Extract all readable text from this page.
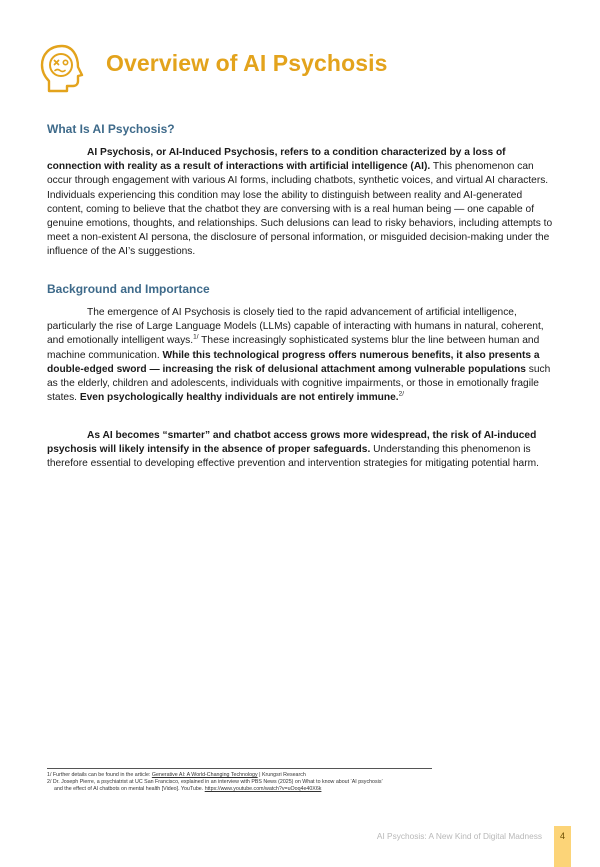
Overview of AI Psychosis
What Is AI Psychosis?

AI Psychosis, or AI-Induced Psychosis, refers to a condition characterized by a loss of connection with reality as a result of interactions with artificial intelligence (AI). This phenomenon can occur through engagement with various AI forms, including chatbots, synthetic voices, and virtual AI characters. Individuals experiencing this condition may lose the ability to distinguish between reality and AI-generated content, coming to believe that the chatbot they are conversing with is a real human being — one capable of genuine emotions, thoughts, and relationships. Such delusions can lead to risky behaviors, including attempts to meet a non-existent AI persona, the disclosure of personal information, or misguided decision-making under the influence of the AI’s suggestions.

Background and Importance

The emergence of AI Psychosis is closely tied to the rapid advancement of artificial intelligence, particularly the rise of Large Language Models (LLMs) capable of interacting with humans in natural, coherent, and emotionally intelligent ways.$^{1/}$ These increasingly sophisticated systems blur the line between human and machine communication. While this technological progress offers numerous benefits, it also presents a double-edged sword — increasing the risk of delusional attachment among vulnerable populations such as the elderly, children and adolescents, individuals with cognitive impairments, or those in emotionally fragile states. Even psychologically healthy individuals are not entirely immune.$^{2/}$

As AI becomes “smarter” and chatbot access grows more widespread, the risk of AI-induced psychosis will likely intensify in the absence of proper safeguards. Understanding this phenomenon is therefore essential to developing effective prevention and intervention strategies for mitigating potential harm.

1/ Further details can be found in the article: Generative AI: A World-Changing Technology | Krungsri Research

2/ Dr. Joseph Pierre, a psychiatrist at UC San Francisco, explained in an interview with PBS News (2025) on What to know about ‘AI psychosis’
and the effect of AI chatbots on mental health [Video]. YouTube. https://www.youtube.com/watch?v=uOoq4e40X6k

AI Psychosis: A New Kind of Digital Madness	4
